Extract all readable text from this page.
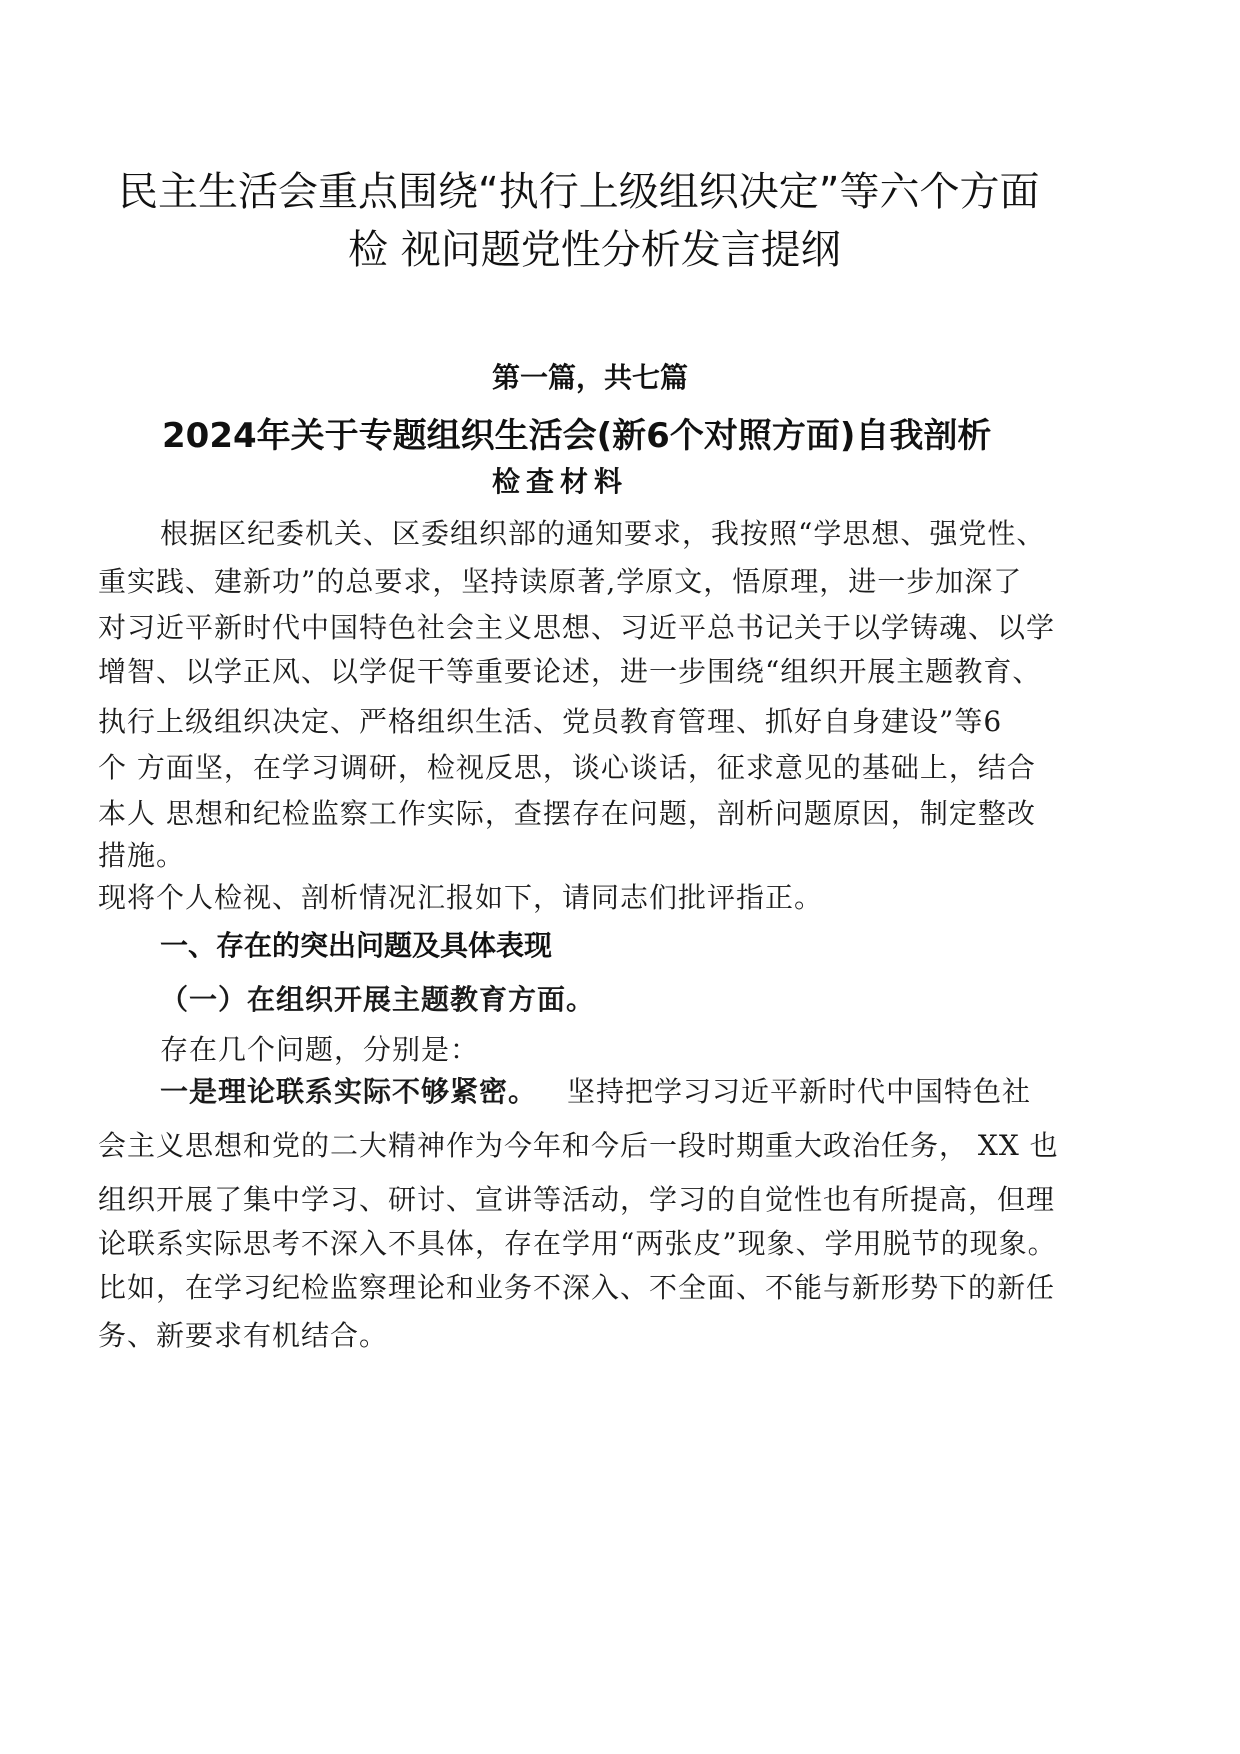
民主生活会重点围绕“执行上级组织决定”等六个方面
检 视问题党性分析发言提纲
第一篇，共七篇
2024年关于专题组织生活会(新6个对照方面)自我剖析
检查材料
根据区纪委机关、区委组织部的通知要求，我按照“学思想、强党性、
重实践、建新功”的总要求，坚持读原著,学原文，悟原理，进一步加深了
对习近平新时代中国特色社会主义思想、习近平总书记关于以学铸魂、以学
增智、以学正风、以学促干等重要论述，进一步围绕“组织开展主题教育、
执行上级组织决定、严格组织生活、党员教育管理、抓好自身建设”等6
个 方面坚，在学习调研，检视反思，谈心谈话，征求意见的基础上，结合
本人 思想和纪检监察工作实际，查摆存在问题，剖析问题原因，制定整改
措施。
现将个人检视、剖析情况汇报如下，请同志们批评指正。
一、存在的突出问题及具体表现
（一）在组织开展主题教育方面。
存在几个问题，分别是：
一是理论联系实际不够紧密。 坚持把学习习近平新时代中国特色社
会主义思想和党的二大精神作为今年和今后一段时期重大政治任务， XX 也
组织开展了集中学习、研讨、宣讲等活动，学习的自觉性也有所提高，但理
论联系实际思考不深入不具体，存在学用“两张皮”现象、学用脱节的现象。
比如，在学习纪检监察理论和业务不深入、不全面、不能与新形势下的新任
务、新要求有机结合。
